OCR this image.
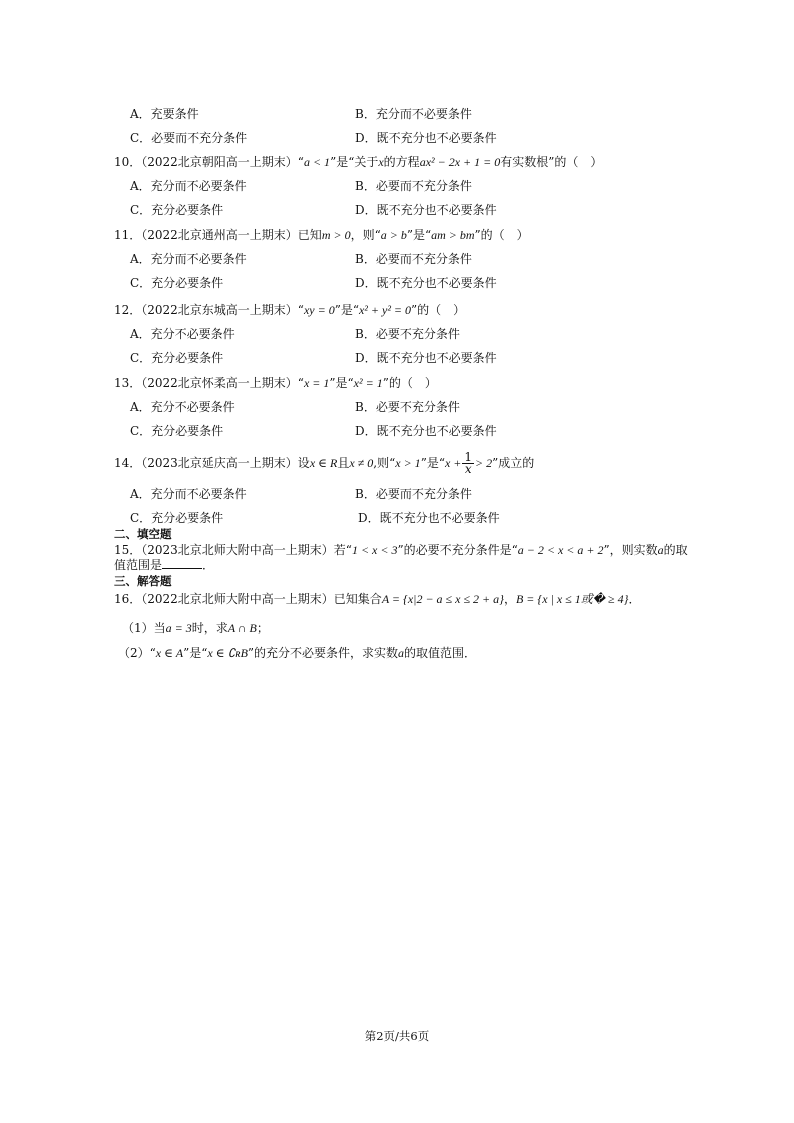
A．充要条件	B．充分而不必要条件
C．必要而不充分条件	D．既不充分也不必要条件
10．（2022北京朝阳高一上期末）“a < 1”是“关于x的方程ax² − 2x + 1 = 0有实数根”的（　）
A．充分而不必要条件	B．必要而不充分条件
C．充分必要条件	D．既不充分也不必要条件
11．（2022北京通州高一上期末）已知m > 0，则“a > b”是“am > bm”的（　）
A．充分而不必要条件	B．必要而不充分条件
C．充分必要条件	D．既不充分也不必要条件
12．（2022北京东城高一上期末）“xy = 0”是“x² + y² = 0”的（　）
A．充分不必要条件	B．必要不充分条件
C．充分必要条件	D．既不充分也不必要条件
13．（2022北京怀柔高一上期末）“x = 1”是“x² = 1”的（　）
A．充分不必要条件	B．必要不充分条件
C．充分必要条件	D．既不充分也不必要条件
14．（2023北京延庆高一上期末）设x ∈ R且x ≠ 0,则“x > 1”是“$x + \frac{1}{x} > 2$”成立的
A．充分而不必要条件	B．必要而不充分条件
C．充分必要条件	D．既不充分也不必要条件
二、填空题
15．（2023北京北师大附中高一上期末）若“1 < x < 3”的必要不充分条件是“a − 2 < x < a + 2”，则实数a的取
值范围是	．
三、解答题
16．（2022北京北师大附中高一上期末）已知集合A = {x|2 − a ≤ x ≤ 2 + a}，B = {x | x ≤ 1或� ≥ 4}．
（1）当a = 3时，求A ∩ B；
（2）“x ∈ A”是“x ∈ ∁ʀB”的充分不必要条件，求实数a的取值范围．
第2页/共6页
